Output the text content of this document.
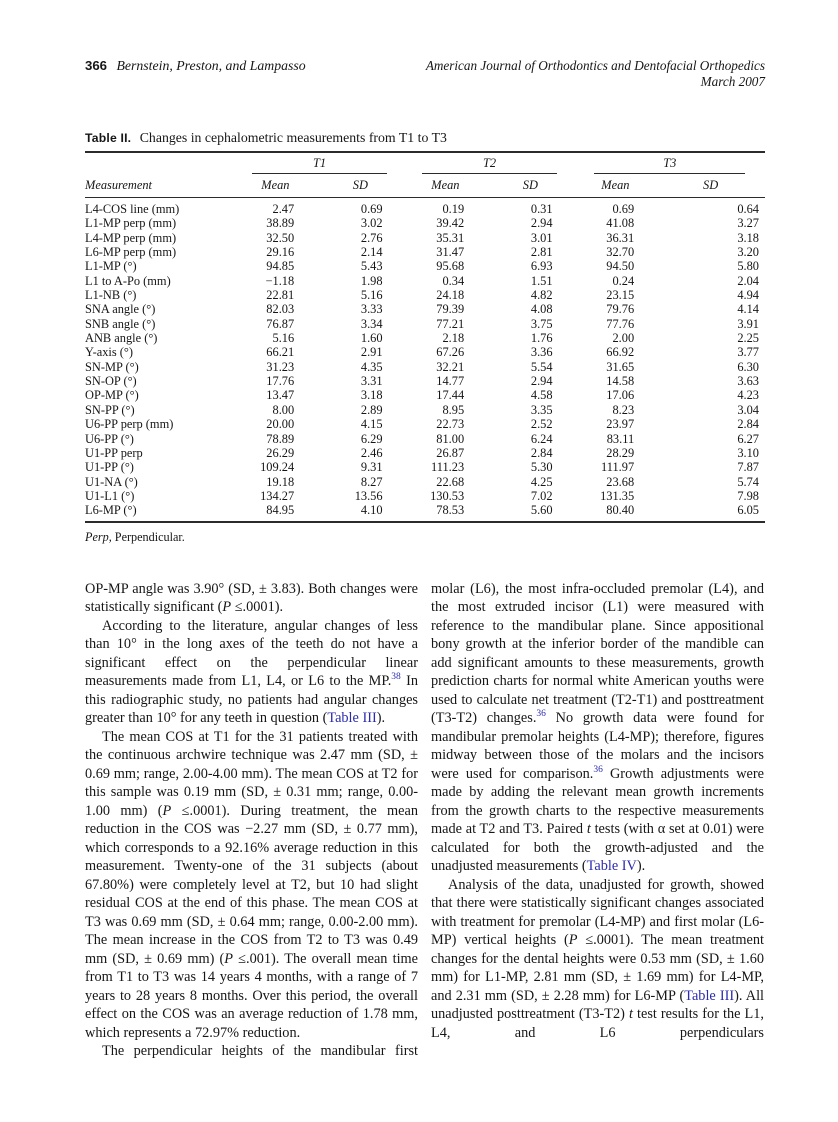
366 Bernstein, Preston, and Lampasso	American Journal of Orthodontics and Dentofacial Orthopedics
March 2007
Table II. Changes in cephalometric measurements from T1 to T3

	T1		T2		T3	

Measurement	Mean	SD	Mean	SD	Mean	SD
L4-COS line (mm)	2.47	0.69	0.19	0.31	0.69	0.64
L1-MP perp (mm)	38.89	3.02	39.42	2.94	41.08	3.27
L4-MP perp (mm)	32.50	2.76	35.31	3.01	36.31	3.18
L6-MP perp (mm)	29.16	2.14	31.47	2.81	32.70	3.20
L1-MP (°)	94.85	5.43	95.68	6.93	94.50	5.80
L1 to A-Po (mm)	−1.18	1.98	0.34	1.51	0.24	2.04
L1-NB (°)	22.81	5.16	24.18	4.82	23.15	4.94
SNA angle (°)	82.03	3.33	79.39	4.08	79.76	4.14
SNB angle (°)	76.87	3.34	77.21	3.75	77.76	3.91
ANB angle (°)	5.16	1.60	2.18	1.76	2.00	2.25
Y-axis (°)	66.21	2.91	67.26	3.36	66.92	3.77
SN-MP (°)	31.23	4.35	32.21	5.54	31.65	6.30
SN-OP (°)	17.76	3.31	14.77	2.94	14.58	3.63
OP-MP (°)	13.47	3.18	17.44	4.58	17.06	4.23
SN-PP (°)	8.00	2.89	8.95	3.35	8.23	3.04
U6-PP perp (mm)	20.00	4.15	22.73	2.52	23.97	2.84
U6-PP (°)	78.89	6.29	81.00	6.24	83.11	6.27
U1-PP perp	26.29	2.46	26.87	2.84	28.29	3.10
U1-PP (°)	109.24	9.31	111.23	5.30	111.97	7.87
U1-NA (°)	19.18	8.27	22.68	4.25	23.68	5.74
U1-L1 (°)	134.27	13.56	130.53	7.02	131.35	7.98
L6-MP (°)	84.95	4.10	78.53	5.60	80.40	6.05
Perp, Perpendicular.

OP-MP angle was 3.90° (SD, ± 3.83). Both changes were statistically significant (P ≤.0001).

According to the literature, angular changes of less than 10° in the long axes of the teeth do not have a significant effect on the perpendicular linear measurements made from L1, L4, or L6 to the MP.$^{38}$ In this radiographic study, no patients had angular changes greater than 10° for any teeth in question (Table III).

The mean COS at T1 for the 31 patients treated with the continuous archwire technique was 2.47 mm (SD, ± 0.69 mm; range, 2.00-4.00 mm). The mean COS at T2 for this sample was 0.19 mm (SD, ± 0.31 mm; range, 0.00-1.00 mm) (P ≤.0001). During treatment, the mean reduction in the COS was −2.27 mm (SD, ± 0.77 mm), which corresponds to a 92.16% average reduction in this measurement. Twenty-one of the 31 subjects (about 67.80%) were completely level at T2, but 10 had slight residual COS at the end of this phase. The mean COS at T3 was 0.69 mm (SD, ± 0.64 mm; range, 0.00-2.00 mm). The mean increase in the COS from T2 to T3 was 0.49 mm (SD, ± 0.69 mm) (P ≤.001). The overall mean time from T1 to T3 was 14 years 4 months, with a range of 7 years to 28 years 8 months. Over this period, the overall effect on the COS was an average reduction of 1.78 mm, which represents a 72.97% reduction.

The perpendicular heights of the mandibular first

molar (L6), the most infra-occluded premolar (L4), and the most extruded incisor (L1) were measured with reference to the mandibular plane. Since appositional bony growth at the inferior border of the mandible can add significant amounts to these measurements, growth prediction charts for normal white American youths were used to calculate net treatment (T2-T1) and posttreatment (T3-T2) changes.$^{36}$ No growth data were found for mandibular premolar heights (L4-MP); therefore, figures midway between those of the molars and the incisors were used for comparison.$^{36}$ Growth adjustments were made by adding the relevant mean growth increments from the growth charts to the respective measurements made at T2 and T3. Paired t tests (with α set at 0.01) were calculated for both the growth-adjusted and the unadjusted measurements (Table IV).

Analysis of the data, unadjusted for growth, showed that there were statistically significant changes associated with treatment for premolar (L4-MP) and first molar (L6-MP) vertical heights (P ≤.0001). The mean treatment changes for the dental heights were 0.53 mm (SD, ± 1.60 mm) for L1-MP, 2.81 mm (SD, ± 1.69 mm) for L4-MP, and 2.31 mm (SD, ± 2.28 mm) for L6-MP (Table III). All unadjusted posttreatment (T3-T2) t test results for the L1, L4, and L6 perpendiculars
